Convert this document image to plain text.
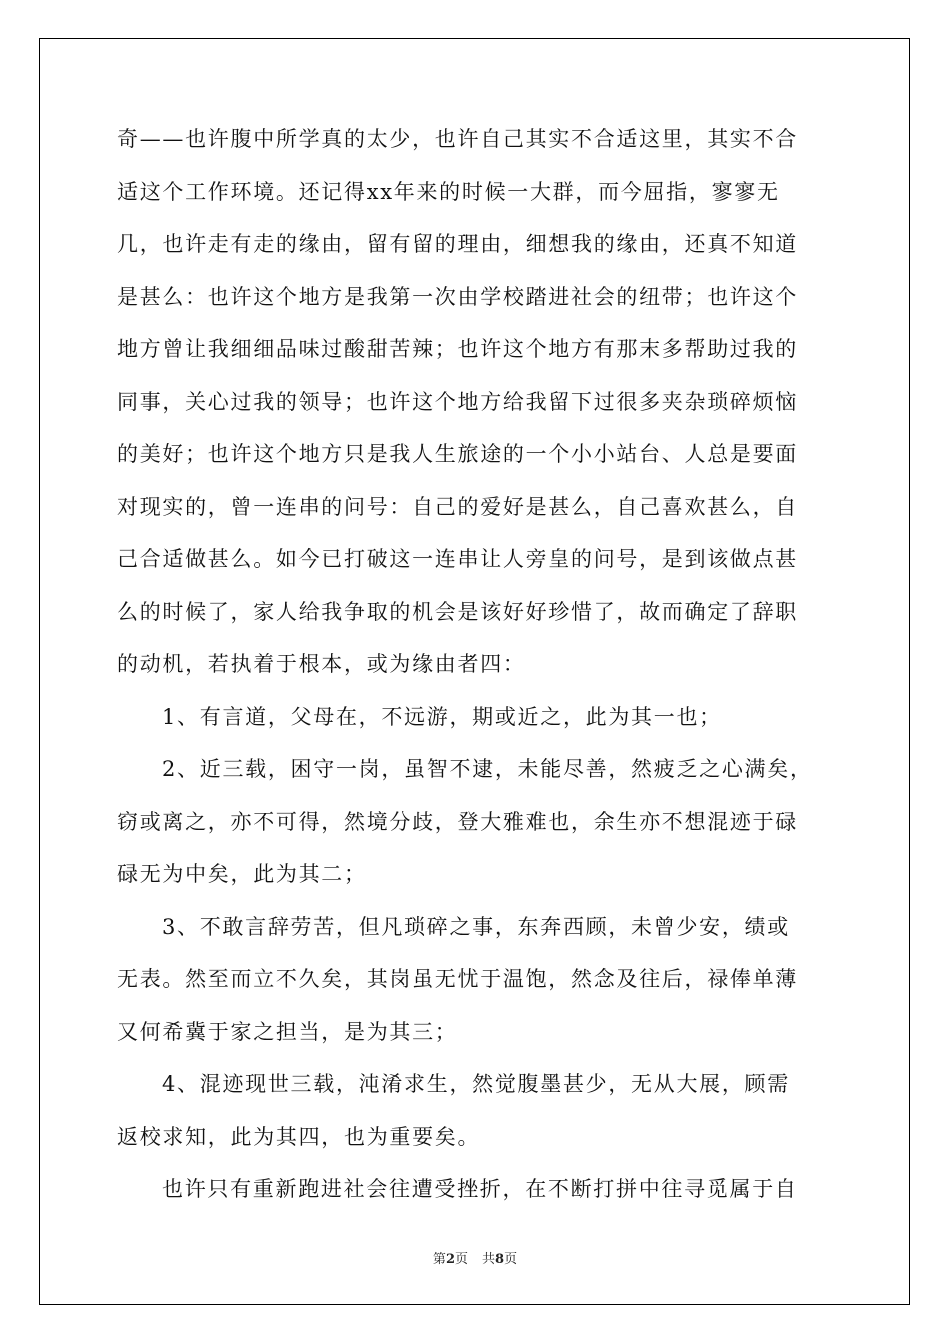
奇——也许腹中所学真的太少，也许自己其实不合适这里，其实不合
适这个工作环境。还记得xx年来的时候一大群，而今屈指，寥寥无
几，也许走有走的缘由，留有留的理由，细想我的缘由，还真不知道
是甚么：也许这个地方是我第一次由学校踏进社会的纽带；也许这个
地方曾让我细细品味过酸甜苦辣；也许这个地方有那末多帮助过我的
同事，关心过我的领导；也许这个地方给我留下过很多夹杂琐碎烦恼
的美好；也许这个地方只是我人生旅途的一个小小站台、人总是要面
对现实的，曾一连串的问号：自己的爱好是甚么，自己喜欢甚么，自
己合适做甚么。如今已打破这一连串让人旁皇的问号，是到该做点甚
么的时候了，家人给我争取的机会是该好好珍惜了，故而确定了辞职
的动机，若执着于根本，或为缘由者四：
1、有言道，父母在，不远游，期或近之，此为其一也；
2、近三载，困守一岗，虽智不逮，未能尽善，然疲乏之心满矣，
窃或离之，亦不可得，然境分歧，登大雅难也，余生亦不想混迹于碌
碌无为中矣，此为其二；
3、不敢言辞劳苦，但凡琐碎之事，东奔西顾，未曾少安，绩或
无表。然至而立不久矣，其岗虽无忧于温饱，然念及往后，禄俸单薄
又何希冀于家之担当，是为其三；
4、混迹现世三载，沌淆求生，然觉腹墨甚少，无从大展，顾需
返校求知，此为其四，也为重要矣。
也许只有重新跑进社会往遭受挫折，在不断打拼中往寻觅属于自
第2页 共8页
